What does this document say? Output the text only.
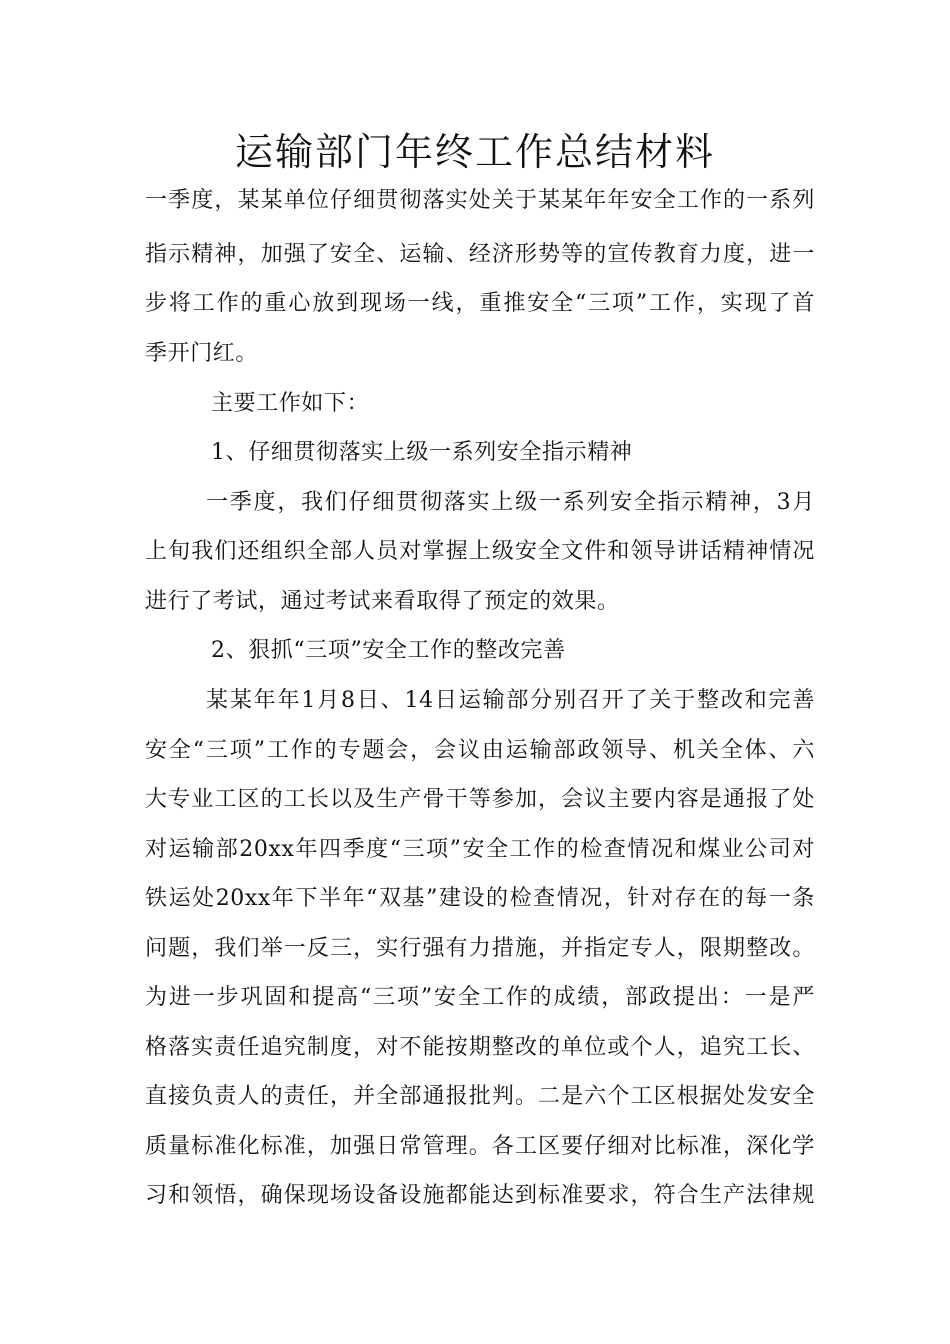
运输部门年终工作总结材料
一季度，某某单位仔细贯彻落实处关于某某年年安全工作的一系列
指示精神，加强了安全、运输、经济形势等的宣传教育力度，进一
步将工作的重心放到现场一线，重推安全“三项”工作，实现了首
季开门红。
主要工作如下：
1、仔细贯彻落实上级一系列安全指示精神
一季度，我们仔细贯彻落实上级一系列安全指示精神，3月
上旬我们还组织全部人员对掌握上级安全文件和领导讲话精神情况
进行了考试，通过考试来看取得了预定的效果。
2、狠抓“三项”安全工作的整改完善
某某年年1月8日、14日运输部分别召开了关于整改和完善
安全“三项”工作的专题会，会议由运输部政领导、机关全体、六
大专业工区的工长以及生产骨干等参加，会议主要内容是通报了处
对运输部20xx年四季度“三项”安全工作的检查情况和煤业公司对
铁运处20xx年下半年“双基”建设的检查情况，针对存在的每一条
问题，我们举一反三，实行强有力措施，并指定专人，限期整改。
为进一步巩固和提高“三项”安全工作的成绩，部政提出：一是严
格落实责任追究制度，对不能按期整改的单位或个人，追究工长、
直接负责人的责任，并全部通报批判。二是六个工区根据处发安全
质量标准化标准，加强日常管理。各工区要仔细对比标准，深化学
习和领悟，确保现场设备设施都能达到标准要求，符合生产法律规
